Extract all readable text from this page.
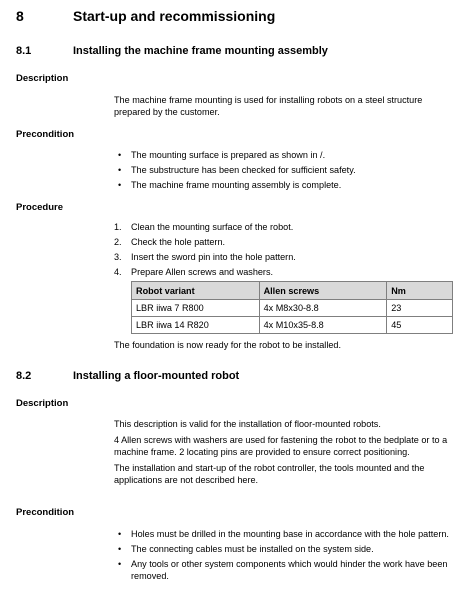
8	Start-up and recommissioning
8.1	Installing the machine frame mounting assembly
Description
The machine frame mounting is used for installing robots on a steel structure prepared by the customer.
Precondition
• The mounting surface is prepared as shown in /.
• The substructure has been checked for sufficient safety.
• The machine frame mounting assembly is complete.
Procedure
1. Clean the mounting surface of the robot.
2. Check the hole pattern.
3. Insert the sword pin into the hole pattern.
4. Prepare Allen screws and washers.
Robot variant	Allen screws	Nm
LBR iiwa 7 R800	4x M8x30-8.8	23
LBR iiwa 14 R820	4x M10x35-8.8	45
The foundation is now ready for the robot to be installed.
8.2	Installing a floor-mounted robot
Description

This description is valid for the installation of floor-mounted robots.

4 Allen screws with washers are used for fastening the robot to the bedplate or to a machine frame. 2 locating pins are provided to ensure correct positioning.

The installation and start-up of the robot controller, the tools mounted and the applications are not described here.

Precondition
• Holes must be drilled in the mounting base in accordance with the hole pattern.
• The connecting cables must be installed on the system side.
• Any tools or other system components which would hinder the work have been removed.
